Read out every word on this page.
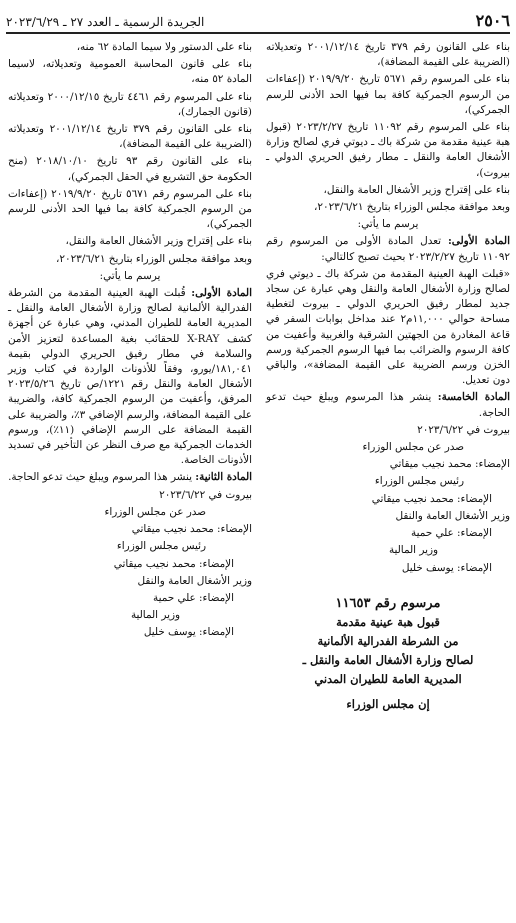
٢٥٠٦
الجريدة الرسمية ـ العدد ٢٧ ـ ٢٠٢٣/٦/٢٩

بناء على القانون رقم ٣٧٩ تاريخ ٢٠٠١/١٢/١٤ وتعديلاته (الضريبة على القيمة المضافة)،

بناء على المرسوم رقم ٥٦٧١ تاريخ ٢٠١٩/٩/٢٠ (إعفاءات من الرسوم الجمركية كافة بما فيها الحد الأدنى للرسم الجمركي)،

بناء على المرسوم رقم ١١٠٩٢ تاريخ ٢٠٢٣/٢/٢٧ (قبول هبة عينية مقدمة من شركة باك ـ ديوتي فري لصالح وزارة الأشغال العامة والنقل ـ مطار رفيق الحريري الدولي ـ بيروت)،

بناء على إقتراح وزير الأشغال العامة والنقل،

وبعد موافقة مجلس الوزراء بتاريخ ٢٠٢٣/٦/٢١،

يرسم ما يأتي:

المادة الأولى: تعدل المادة الأولى من المرسوم رقم ١١٠٩٢ تاريخ ٢٠٢٣/٢/٢٧ بحيث تصبح كالتالي:

«قبلت الهبة العينية المقدمة من شركة باك ـ ديوتي فري لصالح وزارة الأشغال العامة والنقل وهي عبارة عن سجاد جديد لمطار رفيق الحريري الدولي ـ بيروت لتغطية مساحة حوالي ١١,٠٠٠م٢ عند مداخل بوابات السفر في قاعة المغادرة من الجهتين الشرقية والغربية وأعفيت من كافة الرسوم والضرائب بما فيها الرسوم الجمركية ورسم الخزن ورسم الضريبة على القيمة المضافة»، والباقي دون تعديل.

المادة الخامسة: ينشر هذا المرسوم ويبلغ حيث تدعو الحاجة.

بيروت في ٢٠٢٣/٦/٢٢

صدر عن مجلس الوزراء

الإمضاء: محمد نجيب ميقاتي

رئيس مجلس الوزراء

الإمضاء: محمد نجيب ميقاتي

وزير الأشغال العامة والنقل

الإمضاء: علي حمية

وزير المالية

الإمضاء: يوسف خليل

مرسوم رقم ١١٦٥٣
قبول هبة عينية مقدمة
من الشرطة الفدرالية الألمانية
لصالح وزارة الأشغال العامة والنقل ـ
المديرية العامة للطيران المدني
إن مجلس الوزراء

بناء على الدستور ولا سيما المادة ٦٢ منه،

بناء على قانون المحاسبة العمومية وتعديلاته، لاسيما المادة ٥٢ منه،

بناء على المرسوم رقم ٤٤٦١ تاريخ ٢٠٠٠/١٢/١٥ وتعديلاته (قانون الجمارك)،

بناء على القانون رقم ٣٧٩ تاريخ ٢٠٠١/١٢/١٤ وتعديلاته (الضريبة على القيمة المضافة)،

بناء على القانون رقم ٩٣ تاريخ ٢٠١٨/١٠/١٠ (منح الحكومة حق التشريع في الحقل الجمركي)،

بناء على المرسوم رقم ٥٦٧١ تاريخ ٢٠١٩/٩/٢٠ (إعفاءات من الرسوم الجمركية كافة بما فيها الحد الأدنى للرسم الجمركي)،

بناء على إقتراح وزير الأشغال العامة والنقل،

وبعد موافقة مجلس الوزراء بتاريخ ٢٠٢٣/٦/٢١،

يرسم ما يأتي:

المادة الأولى: قُبلت الهبة العينية المقدمة من الشرطة الفدرالية الألمانية لصالح وزارة الأشغال العامة والنقل ـ المديرية العامة للطيران المدني، وهي عبارة عن أجهزة كشف X-RAY للحقائب بغية المساعدة لتعزيز الأمن والسلامة في مطار رفيق الحريري الدولي بقيمة ١٨١,٠٤١/يورو، وفقاً للأذونات الواردة في كتاب وزير الأشغال العامة والنقل رقم ١٢٢١/ص تاريخ ٢٠٢٣/٥/٢٦ المرفق، وأعفيت من الرسوم الجمركية كافة، والضريبة على القيمة المضافة، والرسم الإضافي ٣٪، والضريبة على القيمة المضافة على الرسم الإضافي (١١٪)، ورسوم الخدمات الجمركية مع صرف النظر عن التأخير في تسديد الأذونات الخاصة.

المادة الثانية: ينشر هذا المرسوم ويبلغ حيث تدعو الحاجة.

بيروت في ٢٠٢٣/٦/٢٢

صدر عن مجلس الوزراء

الإمضاء: محمد نجيب ميقاتي

رئيس مجلس الوزراء

الإمضاء: محمد نجيب ميقاتي

وزير الأشغال العامة والنقل

الإمضاء: علي حمية

وزير المالية

الإمضاء: يوسف خليل
